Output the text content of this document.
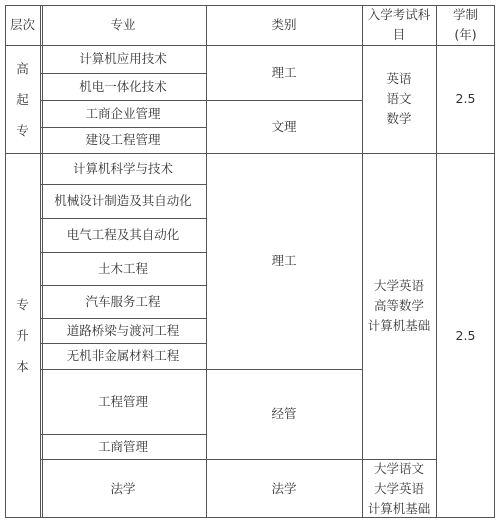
层次	专业	类别
入学考试科目
学制
(年)
高
起
专
计算机应用技术
机电一体化技术
工商企业管理
建设工程管理
理工
文理
英语
语文
数学
2.5
专
升
本
计算机科学与技术
机械设计制造及其自动化
电气工程及其自动化
土木工程
汽车服务工程
道路桥梁与渡河工程
无机非金属材料工程
工程管理
工商管理
法学
理工
经管
法学
大学英语
高等数学
计算机基础
大学语文
大学英语
计算机基础
2.5
